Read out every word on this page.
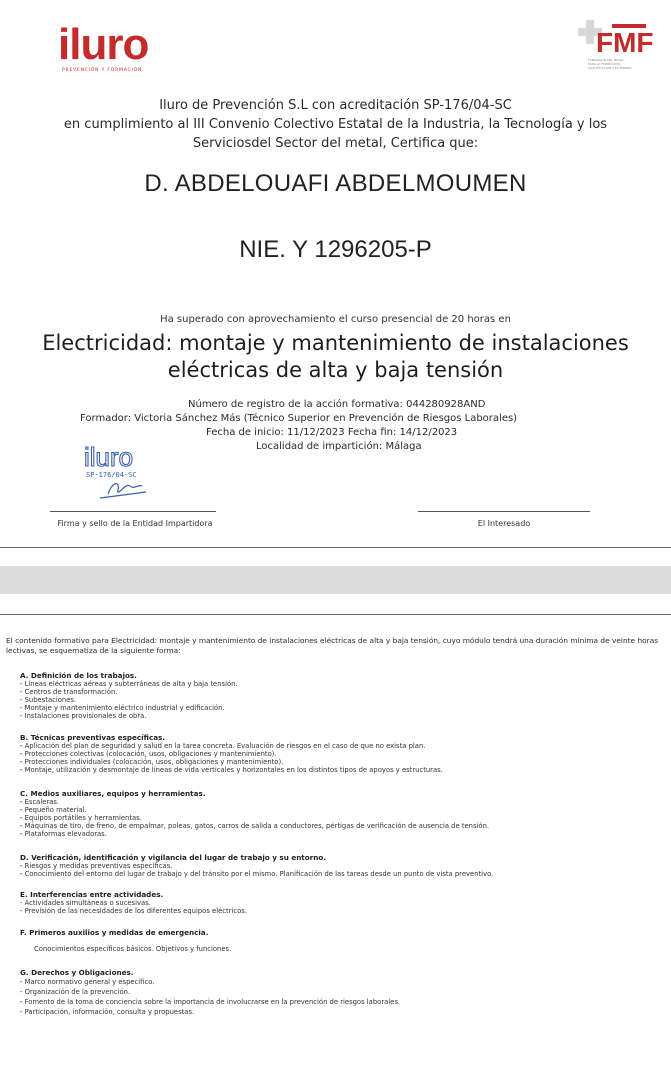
iluro
PREVENCIÓN Y FORMACIÓN
FMF
FUNDACIÓN DEL METAL
PARA LA FORMACIÓN,
CUALIFICACIÓN Y EL EMPLEO
Iluro de Prevención S.L con acreditación SP-176/04-SC
en cumplimiento al III Convenio Colectivo Estatal de la Industria, la Tecnología y los
Serviciosdel Sector del metal, Certifica que:
D. ABDELOUAFI ABDELMOUMEN
NIE. Y 1296205-P
Ha superado con aprovechamiento el curso presencial de 20 horas en
Electricidad: montaje y mantenimiento de instalaciones
eléctricas de alta y baja tensión
Número de registro de la acción formativa: 044280928AND
Formador: Victoria Sánchez Más (Técnico Superior en Prevención de Riesgos Laborales)
Fecha de inicio: 11/12/2023 Fecha fin: 14/12/2023
Localidad de impartición: Málaga
iluro
SP-176/04-SC
Firma y sello de la Entidad Impartidora	El Interesado
El contenido formativo para Electricidad: montaje y mantenimiento de instalaciones eléctricas de alta y baja tensión, cuyo módulo tendrá una duración mínima de veinte horas lectivas, se esquematiza de la siguiente forma:
A. Definición de los trabajos.
- Líneas eléctricas aéreas y subterráneas de alta y baja tensión.
- Centros de transformación.
- Subestaciones.
- Montaje y mantenimiento eléctrico industrial y edificación.
- Instalaciones provisionales de obra.
B. Técnicas preventivas específicas.
- Aplicación del plan de seguridad y salud en la tarea concreta. Evaluación de riesgos en el caso de que no exista plan.
- Protecciones colectivas (colocación, usos, obligaciones y mantenimiento).
- Protecciones individuales (colocación, usos, obligaciones y mantenimiento).
- Montaje, utilización y desmontaje de líneas de vida verticales y horizontales en los distintos tipos de apoyos y estructuras.
C. Medios auxiliares, equipos y herramientas.
- Escaleras.
- Pequeño material.
- Equipos portátiles y herramientas.
- Máquinas de tiro, de freno, de empalmar, poleas, gatos, carros de salida a conductores, pértigas de verificación de ausencia de tensión.
- Plataformas elevadoras.
D. Verificación, identificación y vigilancia del lugar de trabajo y su entorno.
- Riesgos y medidas preventivas específicas.
- Conocimiento del entorno del lugar de trabajo y del tránsito por el mismo. Planificación de las tareas desde un punto de vista preventivo.
E. Interferencias entre actividades.
- Actividades simultáneas o sucesivas.
- Previsión de las necesidades de los diferentes equipos eléctricos.
F. Primeros auxilios y medidas de emergencia.
Conocimientos específicos básicos. Objetivos y funciones.
G. Derechos y Obligaciones.
- Marco normativo general y específico.
- Organización de la prevención.
- Fomento de la toma de conciencia sobre la importancia de involucrarse en la prevención de riesgos laborales.
- Participación, información, consulta y propuestas.
